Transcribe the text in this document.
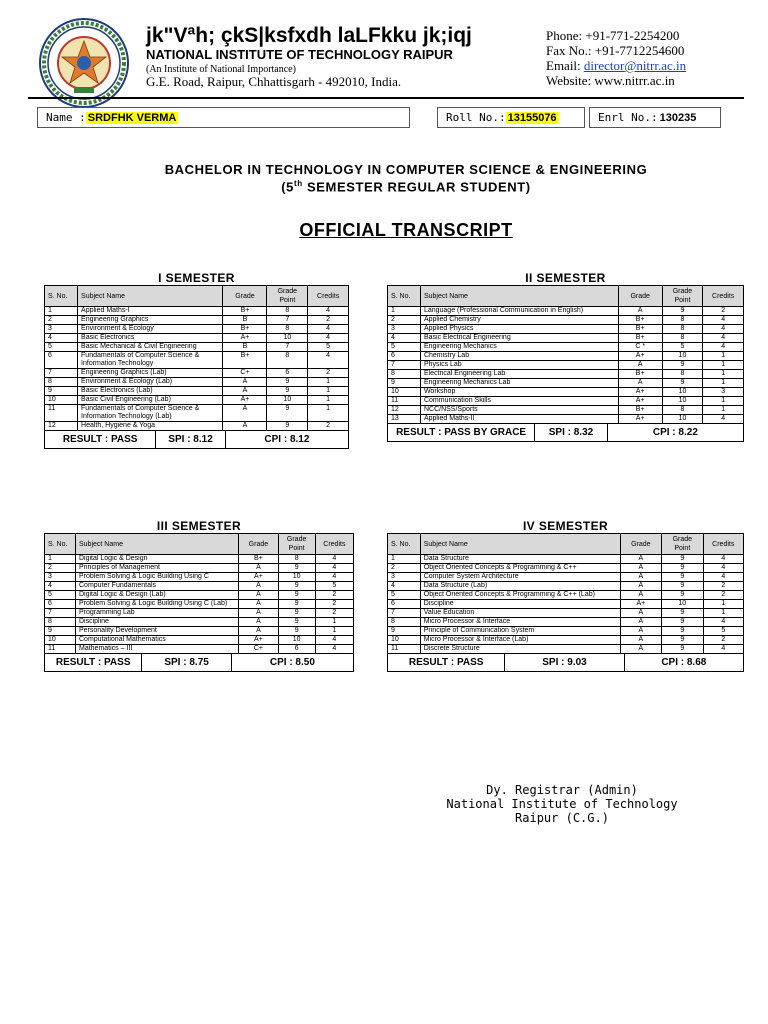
jk"Vªh; çkS|ksfxdh laLFkku jk;iqj
NATIONAL INSTITUTE OF TECHNOLOGY RAIPUR
(An Institute of National Importance)
G.E. Road, Raipur, Chhattisgarh - 492010, India.
Phone: +91-771-2254200
Fax No.: +91-7712254600
Email: director@nitrr.ac.in
Website: www.nitrr.ac.in
Name : SRDFHK VERMA	Roll No.: 13155076	Enrl No.: 130235
BACHELOR IN TECHNOLOGY IN COMPUTER SCIENCE & ENGINEERING
(5th SEMESTER REGULAR STUDENT)
OFFICIAL TRANSCRIPT
I SEMESTER
S. No.	Subject Name	Grade	Grade Point	Credits
1	Applied Maths-I	B+	8	4
2	Engineering Graphics	B	7	2
3	Environment & Ecology	B+	8	4
4	Basic Electronics	A+	10	4
5	Basic Mechanical & Civil Engineering	B	7	5
6	Fundamentals of Computer Science & Information Technology	B+	8	4
7	Engineering Graphics (Lab)	C+	6	2
8	Environment & Ecology (Lab)	A	9	1
9	Basic Electronics (Lab)	A	9	1
10	Basic Civil Engineering (Lab)	A+	10	1
11	Fundamentals of Computer Science & Information Technology (Lab)	A	9	1
12	Health, Hygiene & Yoga	A	9	2
RESULT : PASS	SPI : 8.12	CPI : 8.12
II SEMESTER
S. No.	Subject Name	Grade	Grade Point	Credits
1	Language (Professional Communication in English)	A	9	2
2	Applied Chemistry	B+	8	4
3	Applied Physics	B+	8	4
4	Basic Electrical Engineering	B+	8	4
5	Engineering Mechanics	C *	5	4
6	Chemistry Lab	A+	10	1
7	Physics Lab	A	9	1
8	Electrical Engineering Lab	B+	8	1
9	Engineering Mechanics Lab	A	9	1
10	Workshop	A+	10	3
11	Communication Skills	A+	10	1
12	NCC/NSS/Sports	B+	8	1
13	Applied Maths-II	A+	10	4
RESULT : PASS BY GRACE	SPI : 8.32	CPI : 8.22
III SEMESTER
S. No.	Subject Name	Grade	Grade Point	Credits
1	Digital Logic & Design	B+	8	4
2	Principles of Management	A	9	4
3	Problem Solving & Logic Building Using C	A+	10	4
4	Computer Fundamentals	A	9	5
5	Digital Logic & Design (Lab)	A	9	2
6	Problem Solving & Logic Building Using C (Lab)	A	9	2
7	Programming Lab	A	9	2
8	Discipline	A	9	1
9	Personality Development	A	9	1
10	Computational Mathematics	A+	10	4
11	Mathematics – III	C+	6	4
RESULT : PASS	SPI : 8.75	CPI : 8.50
IV SEMESTER
S. No.	Subject Name	Grade	Grade Point	Credits
1	Data Structure	A	9	4
2	Object Oriented Concepts & Programming & C++	A	9	4
3	Computer System Architecture	A	9	4
4	Data Structure (Lab)	A	9	2
5	Object Oriented Concepts & Programming & C++ (Lab)	A	9	2
6	Discipline	A+	10	1
7	Value Education	A	9	1
8	Micro Processor & Interface	A	9	4
9	Principle of Communication System	A	9	5
10	Micro Processor & Interface (Lab)	A	9	2
11	Discrete Structure	A	9	4
RESULT : PASS	SPI : 9.03	CPI : 8.68
Dy. Registrar (Admin)
National Institute of Technology
Raipur (C.G.)
